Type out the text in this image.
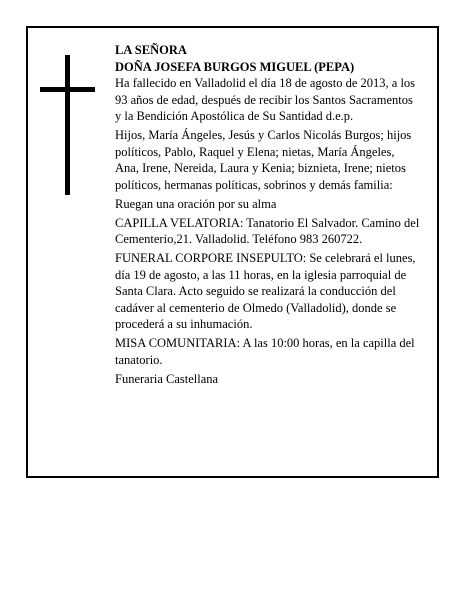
LA SEÑORA

DOÑA JOSEFA BURGOS MIGUEL (PEPA)

Ha fallecido en Valladolid el día 18 de agosto de 2013, a los 93 años de edad, después de recibir los Santos Sacramentos y la Bendición Apostólica de Su Santidad d.e.p.

Hijos, María Ángeles, Jesús y Carlos Nicolás Burgos; hijos políticos, Pablo, Raquel y Elena; nietas, María Ángeles, Ana, Irene, Nereida, Laura y Kenia; biznieta, Irene; nietos políticos, hermanas políticas, sobrinos y demás familia:

Ruegan una oración por su alma

CAPILLA VELATORIA: Tanatorio El Salvador. Camino del Cementerio,21. Valladolid. Teléfono 983 260722.

FUNERAL CORPORE INSEPULTO: Se celebrará el lunes, día 19 de agosto, a las 11 horas, en la iglesia parroquial de Santa Clara. Acto seguido se realizará la conducción del cadáver al cementerio de Olmedo (Valladolid), donde se procederá a su inhumación.

MISA COMUNITARIA: A las 10:00 horas, en la capilla del tanatorio.

Funeraria Castellana
